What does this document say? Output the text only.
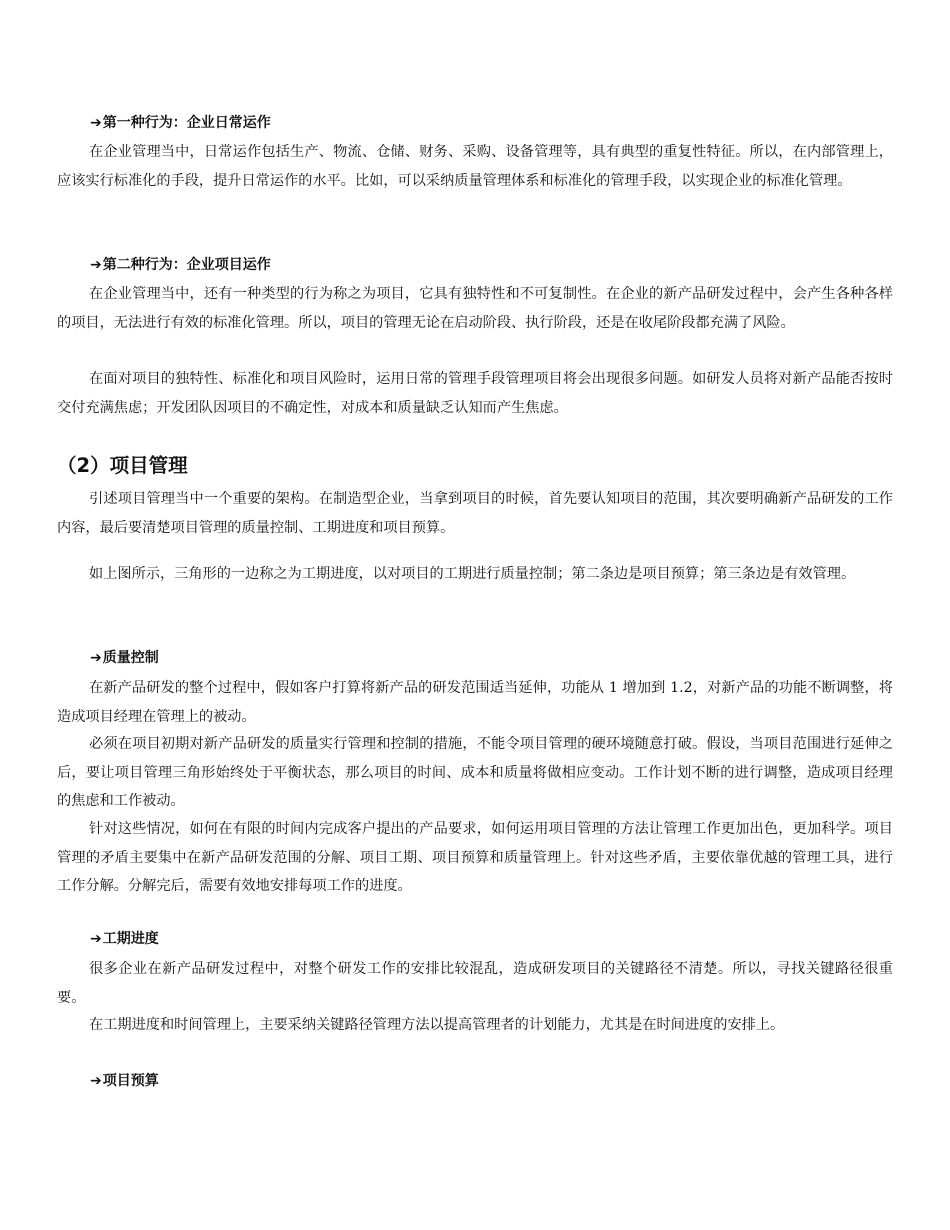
➔第一种行为：企业日常运作
在企业管理当中，日常运作包括生产、物流、仓储、财务、采购、设备管理等，具有典型的重复性特征。所以，在内部管理上，应该实行标准化的手段，提升日常运作的水平。比如，可以采纳质量管理体系和标准化的管理手段，以实现企业的标准化管理。
➔第二种行为：企业项目运作
在企业管理当中，还有一种类型的行为称之为项目，它具有独特性和不可复制性。在企业的新产品研发过程中，会产生各种各样的项目，无法进行有效的标准化管理。所以，项目的管理无论在启动阶段、执行阶段，还是在收尾阶段都充满了风险。
在面对项目的独特性、标准化和项目风险时，运用日常的管理手段管理项目将会出现很多问题。如研发人员将对新产品能否按时交付充满焦虑；开发团队因项目的不确定性，对成本和质量缺乏认知而产生焦虑。
（2）项目管理
引述项目管理当中一个重要的架构。在制造型企业，当拿到项目的时候，首先要认知项目的范围，其次要明确新产品研发的工作内容，最后要清楚项目管理的质量控制、工期进度和项目预算。
如上图所示，三角形的一边称之为工期进度，以对项目的工期进行质量控制；第二条边是项目预算；第三条边是有效管理。
➔质量控制
在新产品研发的整个过程中，假如客户打算将新产品的研发范围适当延伸，功能从 1 增加到 1.2，对新产品的功能不断调整，将造成项目经理在管理上的被动。
必须在项目初期对新产品研发的质量实行管理和控制的措施，不能令项目管理的硬环境随意打破。假设，当项目范围进行延伸之后，要让项目管理三角形始终处于平衡状态，那么项目的时间、成本和质量将做相应变动。工作计划不断的进行调整，造成项目经理的焦虑和工作被动。
针对这些情况，如何在有限的时间内完成客户提出的产品要求，如何运用项目管理的方法让管理工作更加出色，更加科学。项目管理的矛盾主要集中在新产品研发范围的分解、项目工期、项目预算和质量管理上。针对这些矛盾，主要依靠优越的管理工具，进行工作分解。分解完后，需要有效地安排每项工作的进度。
➔工期进度
很多企业在新产品研发过程中，对整个研发工作的安排比较混乱，造成研发项目的关键路径不清楚。所以，寻找关键路径很重要。
在工期进度和时间管理上，主要采纳关键路径管理方法以提高管理者的计划能力，尤其是在时间进度的安排上。
➔项目预算
